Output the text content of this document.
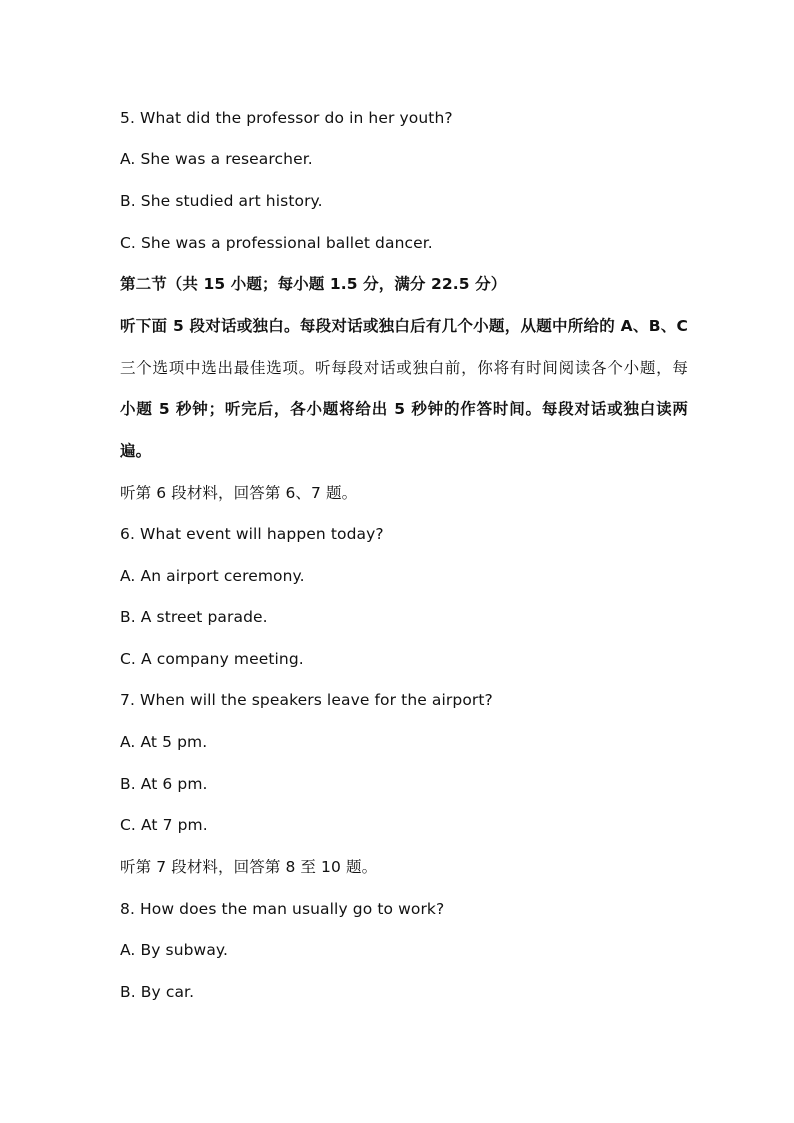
5. What did the professor do in her youth?
A. She was a researcher.
B. She studied art history.
C. She was a professional ballet dancer.
第二节（共 15 小题；每小题 1.5 分，满分 22.5 分）
听下面 5 段对话或独白。每段对话或独白后有几个小题，从题中所给的 A、B、C
三个选项中选出最佳选项。听每段对话或独白前，你将有时间阅读各个小题，每
小题 5 秒钟；听完后，各小题将给出 5 秒钟的作答时间。每段对话或独白读两
遍。
听第 6 段材料，回答第 6、7 题。
6. What event will happen today?
A. An airport ceremony.
B. A street parade.
C. A company meeting.
7. When will the speakers leave for the airport?
A. At 5 pm.
B. At 6 pm.
C. At 7 pm.
听第 7 段材料，回答第 8 至 10 题。
8. How does the man usually go to work?
A. By subway.
B. By car.
